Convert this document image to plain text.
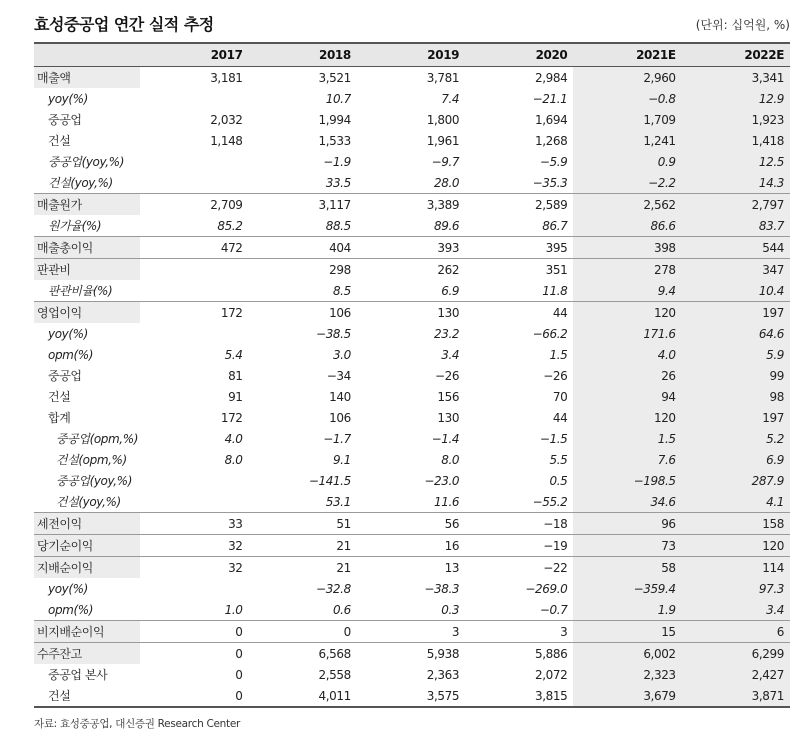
효성중공업 연간 실적 추정	(단위: 십억원, %)
	2017	2018	2019	2020	2021E	2022E
매출액	3,181	3,521	3,781	2,984	2,960	3,341
yoy(%)		10.7	7.4	−21.1	−0.8	12.9
중공업	2,032	1,994	1,800	1,694	1,709	1,923
건설	1,148	1,533	1,961	1,268	1,241	1,418
중공업(yoy,%)		−1.9	−9.7	−5.9	0.9	12.5
건설(yoy,%)		33.5	28.0	−35.3	−2.2	14.3
매출원가	2,709	3,117	3,389	2,589	2,562	2,797
원가율(%)	85.2	88.5	89.6	86.7	86.6	83.7
매출총이익	472	404	393	395	398	544
판관비		298	262	351	278	347
판관비율(%)		8.5	6.9	11.8	9.4	10.4
영업이익	172	106	130	44	120	197
yoy(%)		−38.5	23.2	−66.2	171.6	64.6
opm(%)	5.4	3.0	3.4	1.5	4.0	5.9
중공업	81	−34	−26	−26	26	99
건설	91	140	156	70	94	98
합계	172	106	130	44	120	197
중공업(opm,%)	4.0	−1.7	−1.4	−1.5	1.5	5.2
건설(opm,%)	8.0	9.1	8.0	5.5	7.6	6.9
중공업(yoy,%)		−141.5	−23.0	0.5	−198.5	287.9
건설(yoy,%)		53.1	11.6	−55.2	34.6	4.1
세전이익	33	51	56	−18	96	158
당기순이익	32	21	16	−19	73	120
지배순이익	32	21	13	−22	58	114
yoy(%)		−32.8	−38.3	−269.0	−359.4	97.3
opm(%)	1.0	0.6	0.3	−0.7	1.9	3.4
비지배순이익	0	0	3	3	15	6
수주잔고	0	6,568	5,938	5,886	6,002	6,299
중공업 본사	0	2,558	2,363	2,072	2,323	2,427
건설	0	4,011	3,575	3,815	3,679	3,871
자료: 효성중공업, 대신증권 Research Center
